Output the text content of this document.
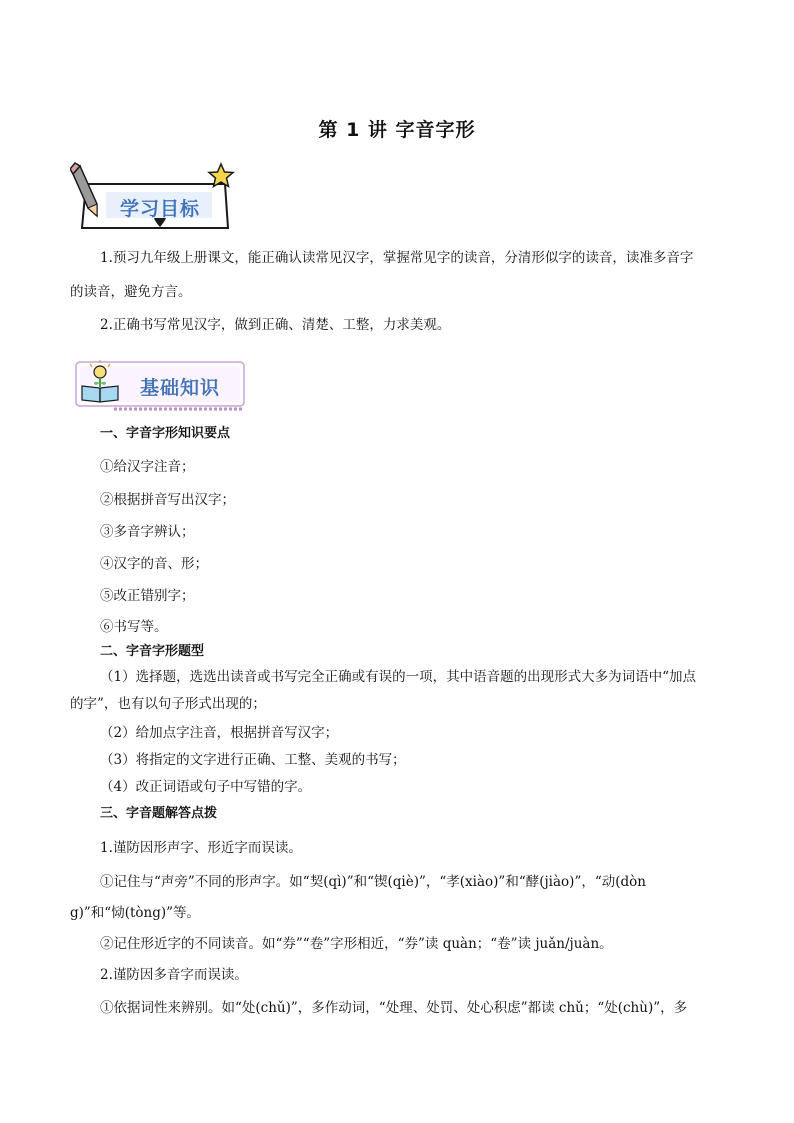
第 1 讲 字音字形
学习目标
1.预习九年级上册课文，能正确认读常见汉字，掌握常见字的读音，分清形似字的读音，读准多音字
的读音，避免方言。
2.正确书写常见汉字，做到正确、清楚、工整，力求美观。
基础知识
一、字音字形知识要点
①给汉字注音；
②根据拼音写出汉字；
③多音字辨认；
④汉字的音、形；
⑤改正错别字；
⑥书写等。
二、字音字形题型
（1）选择题，选选出读音或书写完全正确或有误的一项，其中语音题的出现形式大多为词语中“加点
的字”，也有以句子形式出现的；
（2）给加点字注音，根据拼音写汉字；
（3）将指定的文字进行正确、工整、美观的书写；
（4）改正词语或句子中写错的字。
三、字音题解答点拨
1.谨防因形声字、形近字而误读。
①记住与“声旁”不同的形声字。如“契(qì)”和“锲(qiè)”，“孝(xiào)”和“酵(jiào)”，“动(dòn
g)”和“恸(tòng)”等。
②记住形近字的不同读音。如“券”“卷”字形相近，“券”读 quàn；“卷”读 juǎn/juàn。
2.谨防因多音字而误读。
①依据词性来辨别。如“处(chǔ)”，多作动词，“处理、处罚、处心积虑”都读 chǔ；“处(chù)”，多
